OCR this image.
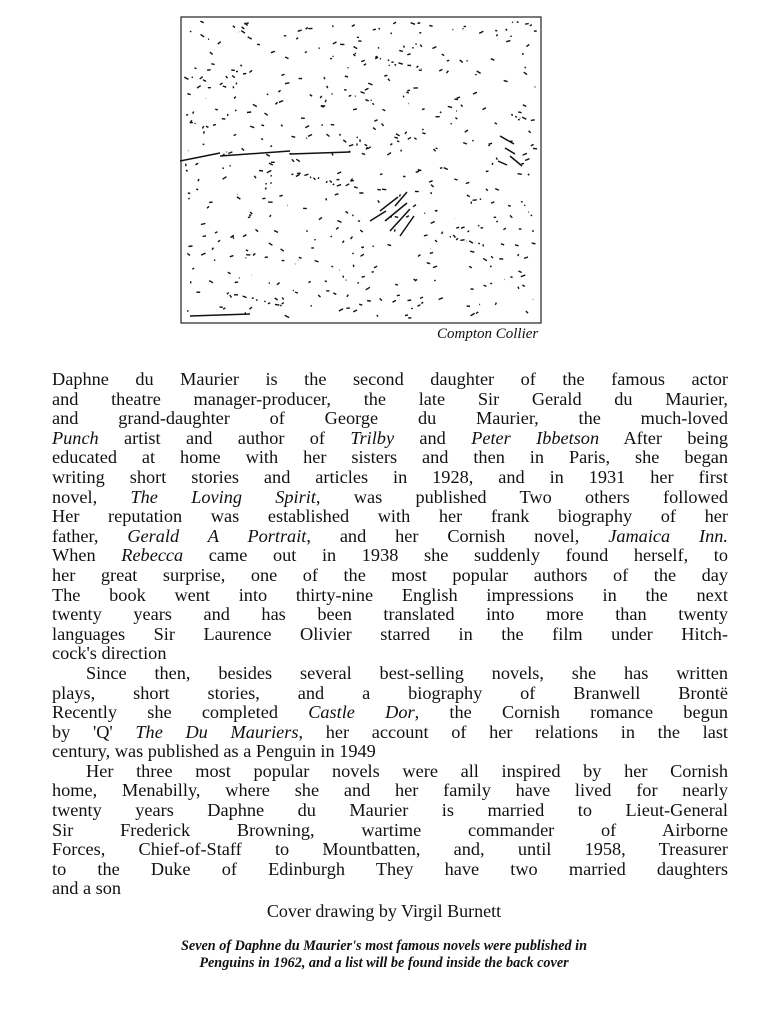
Compton Collier
Daphne du Maurier is the second daughter of the famous actor
and theatre manager-producer, the late Sir Gerald du Maurier,
and grand-daughter of George du Maurier, the much-loved
Punch artist and author of Trilby and Peter Ibbetson After being
educated at home with her sisters and then in Paris, she began
writing short stories and articles in 1928, and in 1931 her first
novel, The Loving Spirit, was published Two others followed
Her reputation was established with her frank biography of her
father, Gerald A Portrait, and her Cornish novel, Jamaica Inn.
When Rebecca came out in 1938 she suddenly found herself, to
her great surprise, one of the most popular authors of the day
The book went into thirty-nine English impressions in the next
twenty years and has been translated into more than twenty
languages Sir Laurence Olivier starred in the film under Hitch-
cock's direction
Since then, besides several best-selling novels, she has written
plays, short stories, and a biography of Branwell Brontë
Recently she completed Castle Dor, the Cornish romance begun
by 'Q' The Du Mauriers, her account of her relations in the last
century, was published as a Penguin in 1949
Her three most popular novels were all inspired by her Cornish
home, Menabilly, where she and her family have lived for nearly
twenty years Daphne du Maurier is married to Lieut-General
Sir Frederick Browning, wartime commander of Airborne
Forces, Chief-of-Staff to Mountbatten, and, until 1958, Treasurer
to the Duke of Edinburgh They have two married daughters
and a son
Cover drawing by Virgil Burnett
Seven of Daphne du Maurier's most famous novels were published in
Penguins in 1962, and a list will be found inside the back cover
